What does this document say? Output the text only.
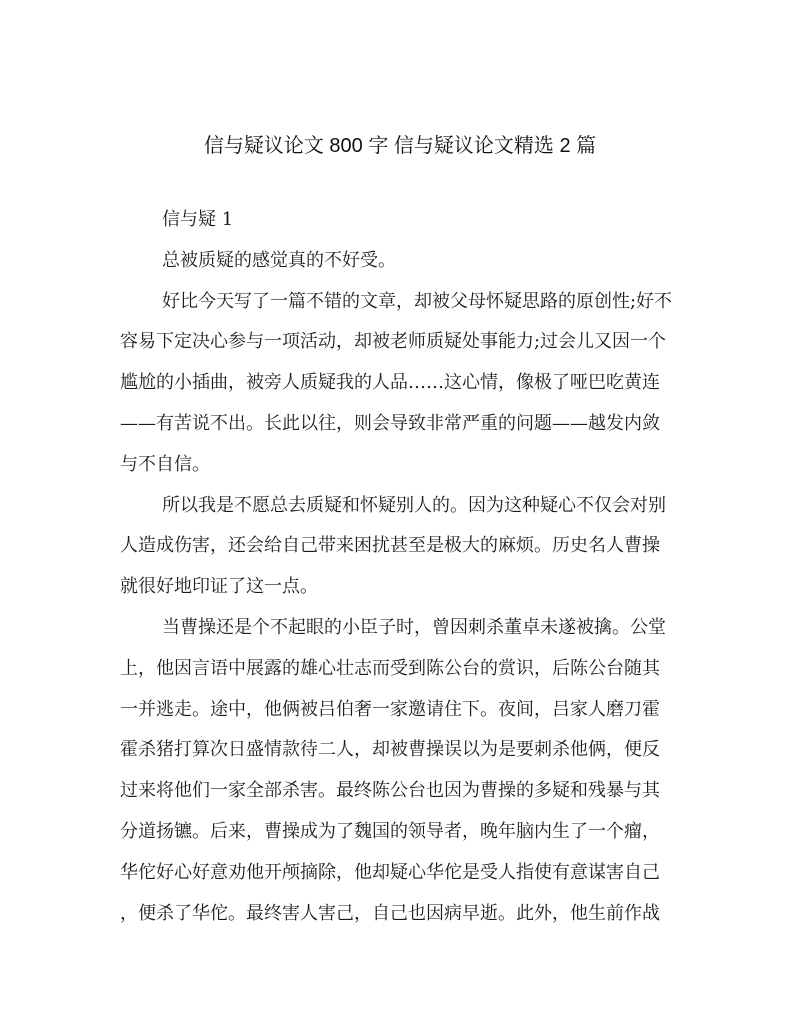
信与疑议论文 800 字 信与疑议论文精选 2 篇
信与疑 1
总被质疑的感觉真的不好受。
好比今天写了一篇不错的文章，却被父母怀疑思路的原创性;好不
容易下定决心参与一项活动，却被老师质疑处事能力;过会儿又因一个
尴尬的小插曲，被旁人质疑我的人品……这心情，像极了哑巴吃黄连
——有苦说不出。长此以往，则会导致非常严重的问题——越发内敛
与不自信。
所以我是不愿总去质疑和怀疑别人的。因为这种疑心不仅会对别
人造成伤害，还会给自己带来困扰甚至是极大的麻烦。历史名人曹操
就很好地印证了这一点。
当曹操还是个不起眼的小臣子时，曾因刺杀董卓未遂被擒。公堂
上，他因言语中展露的雄心壮志而受到陈公台的赏识，后陈公台随其
一并逃走。途中，他俩被吕伯奢一家邀请住下。夜间，吕家人磨刀霍
霍杀猪打算次日盛情款待二人，却被曹操误以为是要刺杀他俩，便反
过来将他们一家全部杀害。最终陈公台也因为曹操的多疑和残暴与其
分道扬镳。后来，曹操成为了魏国的领导者，晚年脑内生了一个瘤，
华佗好心好意劝他开颅摘除，他却疑心华佗是受人指使有意谋害自己
，便杀了华佗。最终害人害己，自己也因病早逝。此外，他生前作战
